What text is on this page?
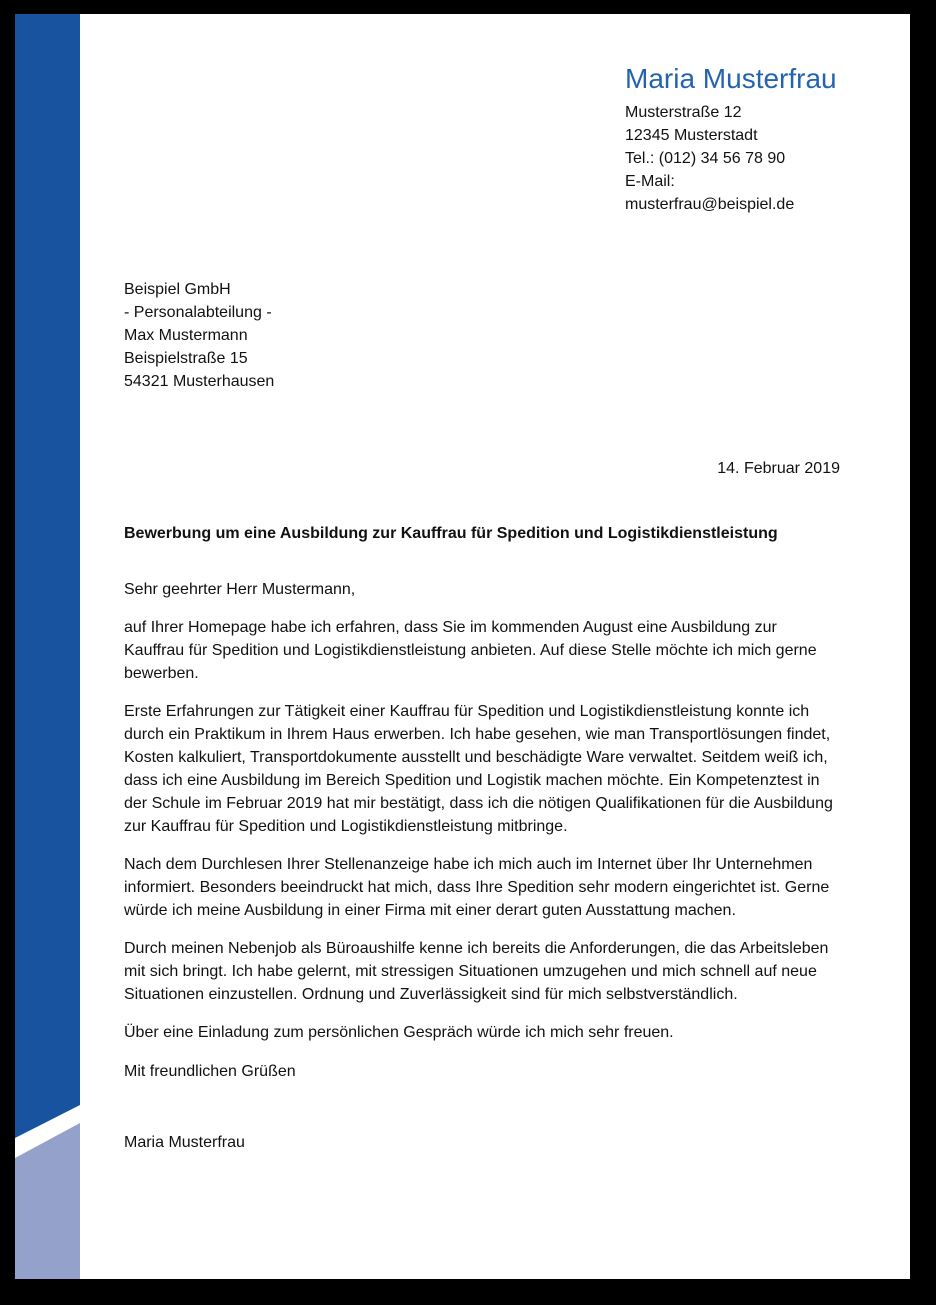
Maria Musterfrau
Musterstraße 12
12345 Musterstadt
Tel.: (012) 34 56 78 90
E-Mail: musterfrau@beispiel.de
Beispiel GmbH
- Personalabteilung -
Max Mustermann
Beispielstraße 15
54321 Musterhausen
14. Februar 2019
Bewerbung um eine Ausbildung zur Kauffrau für Spedition und Logistikdienstleistung
Sehr geehrter Herr Mustermann,

auf Ihrer Homepage habe ich erfahren, dass Sie im kommenden August eine Ausbildung zur Kauffrau für Spedition und Logistikdienstleistung anbieten. Auf diese Stelle möchte ich mich gerne bewerben.

Erste Erfahrungen zur Tätigkeit einer Kauffrau für Spedition und Logistikdienstleistung konnte ich durch ein Praktikum in Ihrem Haus erwerben. Ich habe gesehen, wie man Transportlösungen findet, Kosten kalkuliert, Transportdokumente ausstellt und beschädigte Ware verwaltet. Seitdem weiß ich, dass ich eine Ausbildung im Bereich Spedition und Logistik machen möchte. Ein Kompetenztest in der Schule im Februar 2019 hat mir bestätigt, dass ich die nötigen Qualifikationen für die Ausbildung zur Kauffrau für Spedition und Logistikdienstleistung mitbringe.

Nach dem Durchlesen Ihrer Stellenanzeige habe ich mich auch im Internet über Ihr Unternehmen informiert. Besonders beeindruckt hat mich, dass Ihre Spedition sehr modern eingerichtet ist. Gerne würde ich meine Ausbildung in einer Firma mit einer derart guten Ausstattung machen.

Durch meinen Nebenjob als Büroaushilfe kenne ich bereits die Anforderungen, die das Arbeitsleben mit sich bringt. Ich habe gelernt, mit stressigen Situationen umzugehen und mich schnell auf neue Situationen einzustellen. Ordnung und Zuverlässigkeit sind für mich selbstverständlich.

Über eine Einladung zum persönlichen Gespräch würde ich mich sehr freuen.

Mit freundlichen Grüßen
Maria Musterfrau
